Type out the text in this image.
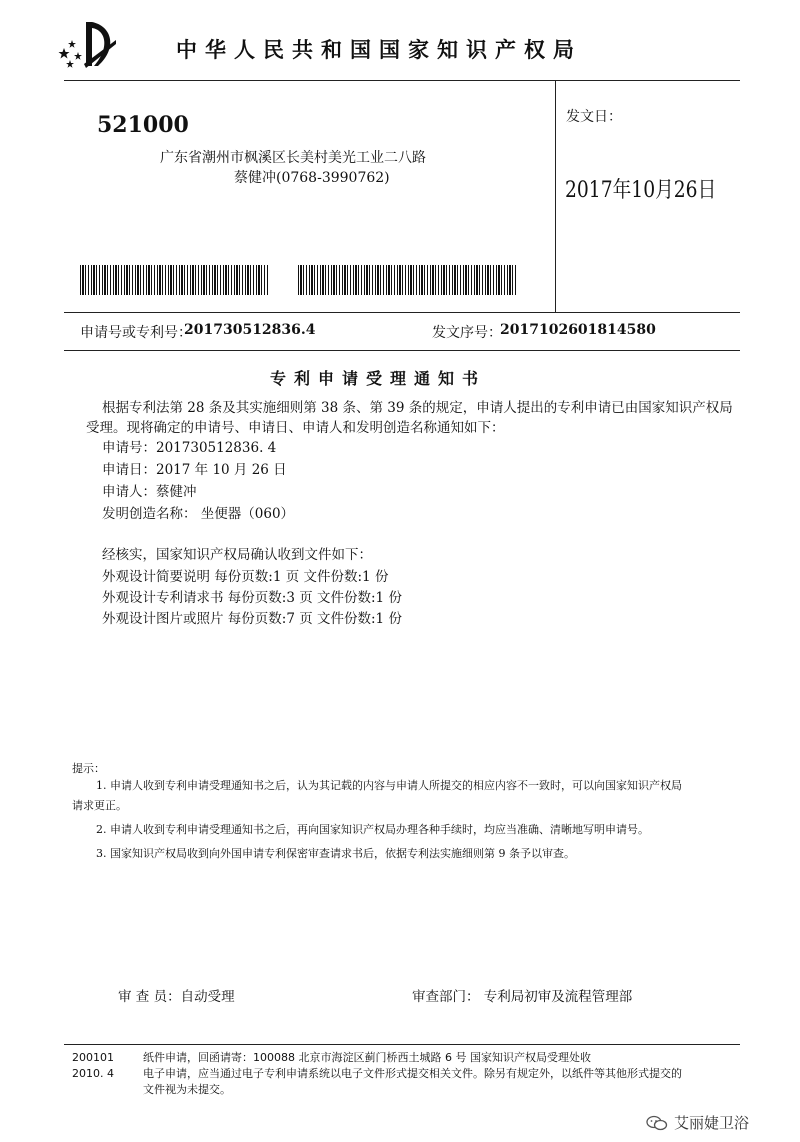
中华人民共和国国家知识产权局
521000
广东省潮州市枫溪区长美村美光工业二八路
蔡健冲(0768-3990762)
发文日：
2017年10月26日
申请号或专利号：
201730512836.4	发文序号：
2017102601814580
专利申请受理通知书
根据专利法第 28 条及其实施细则第 38 条、第 39 条的规定，申请人提出的专利申请已由国家知识产权局
受理。现将确定的申请号、申请日、申请人和发明创造名称通知如下：
申请号：201730512836. 4
申请日：2017 年 10 月 26 日
申请人：蔡健冲
发明创造名称： 坐便器（060）
经核实，国家知识产权局确认收到文件如下：
外观设计简要说明 每份页数:1 页 文件份数:1 份
外观设计专利请求书 每份页数:3 页 文件份数:1 份
外观设计图片或照片 每份页数:7 页 文件份数:1 份
提示：
1. 申请人收到专利申请受理通知书之后，认为其记载的内容与申请人所提交的相应内容不一致时，可以向国家知识产权局
请求更正。
2. 申请人收到专利申请受理通知书之后，再向国家知识产权局办理各种手续时，均应当准确、清晰地写明申请号。
3. 国家知识产权局收到向外国申请专利保密审查请求书后，依据专利法实施细则第 9 条予以审查。
审 查 员：自动受理	审查部门： 专利局初审及流程管理部
200101
2010. 4
纸件申请，回函请寄：100088 北京市海淀区蓟门桥西土城路 6 号 国家知识产权局受理处收
电子申请，应当通过电子专利申请系统以电子文件形式提交相关文件。除另有规定外，以纸件等其他形式提交的
文件视为未提交。
艾丽婕卫浴
